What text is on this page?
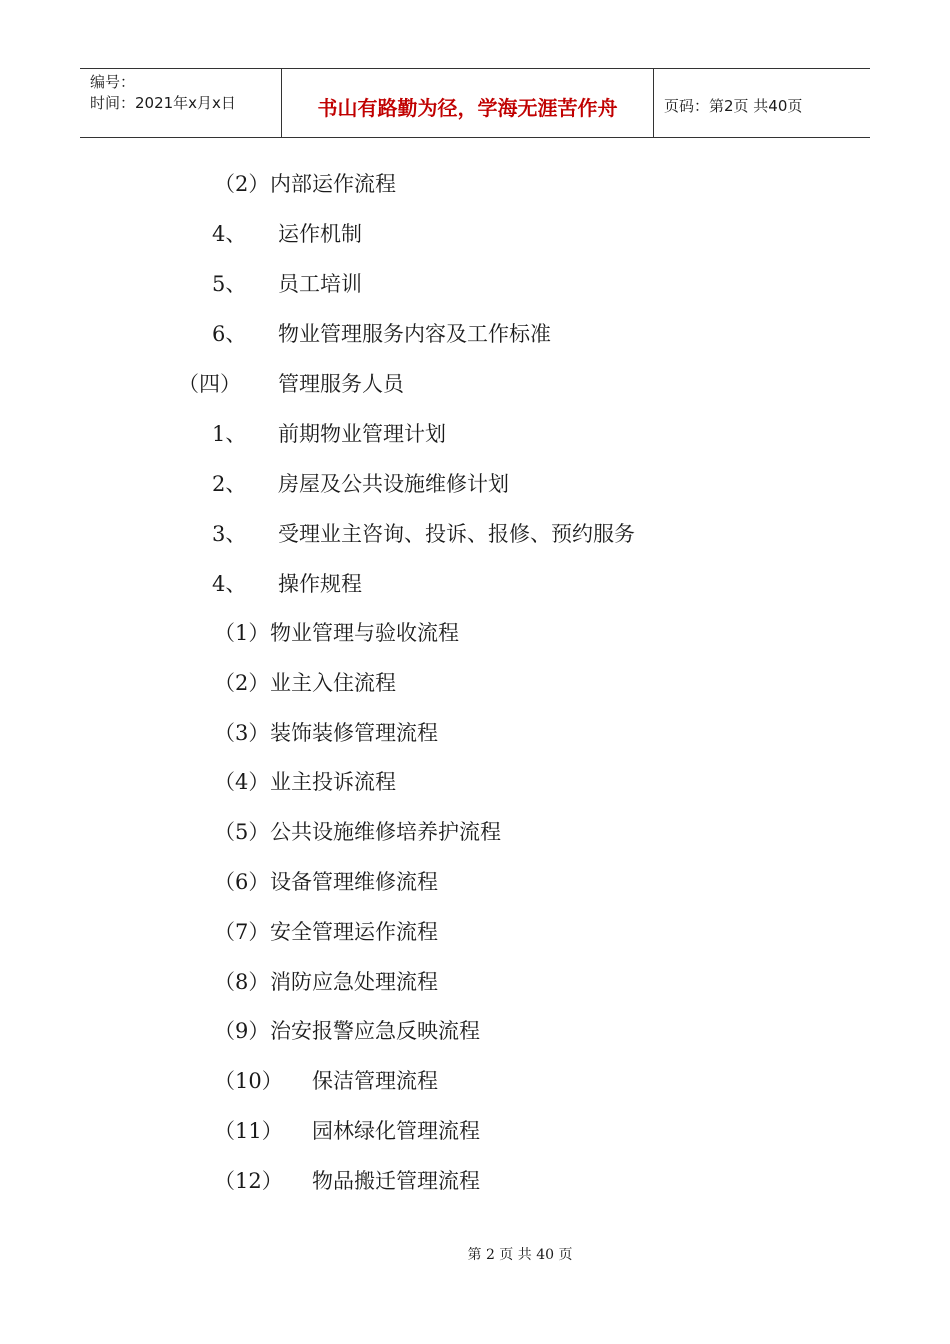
编号：
时间：2021年x月x日	书山有路勤为径，学海无涯苦作舟	页码：第2页 共40页
（2）内部运作流程
4、 运作机制
5、 员工培训
6、 物业管理服务内容及工作标准
（四） 管理服务人员
1、 前期物业管理计划
2、 房屋及公共设施维修计划
3、 受理业主咨询、投诉、报修、预约服务
4、 操作规程
（1）物业管理与验收流程
（2）业主入住流程
（3）装饰装修管理流程
（4）业主投诉流程
（5）公共设施维修培养护流程
（6）设备管理维修流程
（7）安全管理运作流程
（8）消防应急处理流程
（9）治安报警应急反映流程
（10） 保洁管理流程
（11） 园林绿化管理流程
（12） 物品搬迁管理流程
第 2 页 共 40 页
